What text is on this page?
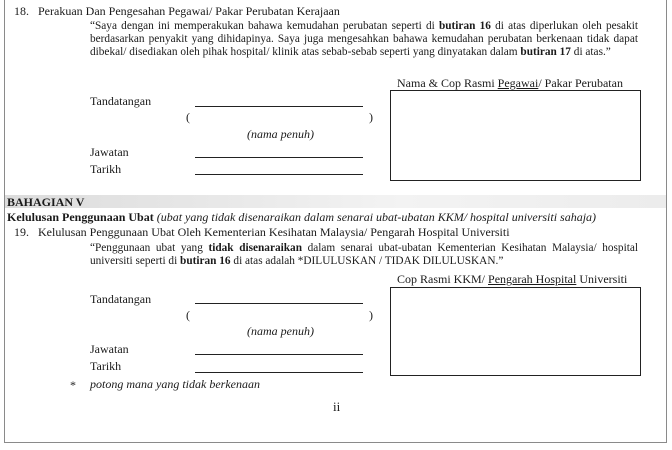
18. Perakuan Dan Pengesahan Pegawai/ Pakar Perubatan Kerajaan
“Saya dengan ini memperakukan bahawa kemudahan perubatan seperti di butiran 16 di atas diperlukan oleh pesakit berdasarkan penyakit yang dihidapinya. Saya juga mengesahkan bahawa kemudahan perubatan berkenaan tidak dapat dibekal/ disediakan oleh pihak hospital/ klinik atas sebab-sebab seperti yang dinyatakan dalam butiran 17 di atas.”
Nama & Cop Rasmi Pegawai/ Pakar Perubatan
Tandatangan
(	)
(nama penuh)
Jawatan
Tarikh
BAHAGIAN V
Kelulusan Penggunaan Ubat (ubat yang tidak disenaraikan dalam senarai ubat-ubatan KKM/ hospital universiti sahaja)
19. Kelulusan Penggunaan Ubat Oleh Kementerian Kesihatan Malaysia/ Pengarah Hospital Universiti
“Penggunaan ubat yang tidak disenaraikan dalam senarai ubat-ubatan Kementerian Kesihatan Malaysia/ hospital universiti seperti di butiran 16 di atas adalah *DILULUSKAN / TIDAK DILULUSKAN.”
Cop Rasmi KKM/ Pengarah Hospital Universiti
Tandatangan
(	)
(nama penuh)
Jawatan
Tarikh
* potong mana yang tidak berkenaan
ii
